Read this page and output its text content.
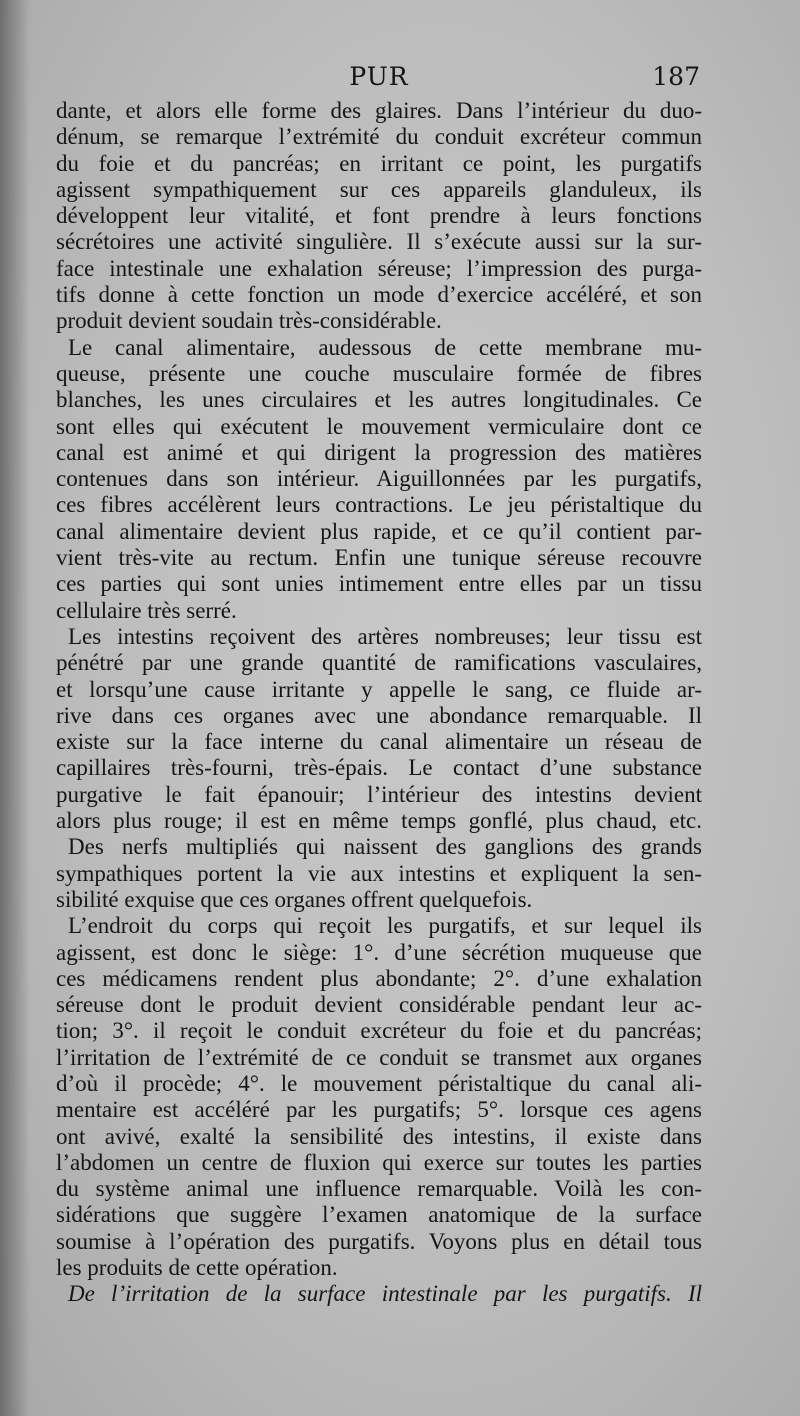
PUR	187

dante, et alors elle forme des glaires. Dans l’intérieur du duo-

dénum, se remarque l’extrémité du conduit excréteur commun

du foie et du pancréas; en irritant ce point, les purgatifs

agissent sympathiquement sur ces appareils glanduleux, ils

développent leur vitalité, et font prendre à leurs fonctions

sécrétoires une activité singulière. Il s’exécute aussi sur la sur-

face intestinale une exhalation séreuse; l’impression des purga-

tifs donne à cette fonction un mode d’exercice accéléré, et son

produit devient soudain très-considérable.

Le canal alimentaire, audessous de cette membrane mu-

queuse, présente une couche musculaire formée de fibres

blanches, les unes circulaires et les autres longitudinales. Ce

sont elles qui exécutent le mouvement vermiculaire dont ce

canal est animé et qui dirigent la progression des matières

contenues dans son intérieur. Aiguillonnées par les purgatifs,

ces fibres accélèrent leurs contractions. Le jeu péristaltique du

canal alimentaire devient plus rapide, et ce qu’il contient par-

vient très-vite au rectum. Enfin une tunique séreuse recouvre

ces parties qui sont unies intimement entre elles par un tissu

cellulaire très serré.

Les intestins reçoivent des artères nombreuses; leur tissu est

pénétré par une grande quantité de ramifications vasculaires,

et lorsqu’une cause irritante y appelle le sang, ce fluide ar-

rive dans ces organes avec une abondance remarquable. Il

existe sur la face interne du canal alimentaire un réseau de

capillaires très-fourni, très-épais. Le contact d’une substance

purgative le fait épanouir; l’intérieur des intestins devient

alors plus rouge; il est en même temps gonflé, plus chaud, etc.

Des nerfs multipliés qui naissent des ganglions des grands

sympathiques portent la vie aux intestins et expliquent la sen-

sibilité exquise que ces organes offrent quelquefois.

L’endroit du corps qui reçoit les purgatifs, et sur lequel ils

agissent, est donc le siège: 1°. d’une sécrétion muqueuse que

ces médicamens rendent plus abondante; 2°. d’une exhalation

séreuse dont le produit devient considérable pendant leur ac-

tion; 3°. il reçoit le conduit excréteur du foie et du pancréas;

l’irritation de l’extrémité de ce conduit se transmet aux organes

d’où il procède; 4°. le mouvement péristaltique du canal ali-

mentaire est accéléré par les purgatifs; 5°. lorsque ces agens

ont avivé, exalté la sensibilité des intestins, il existe dans

l’abdomen un centre de fluxion qui exerce sur toutes les parties

du système animal une influence remarquable. Voilà les con-

sidérations que suggère l’examen anatomique de la surface

soumise à l’opération des purgatifs. Voyons plus en détail tous

les produits de cette opération.

De l’irritation de la surface intestinale par les purgatifs. Il
